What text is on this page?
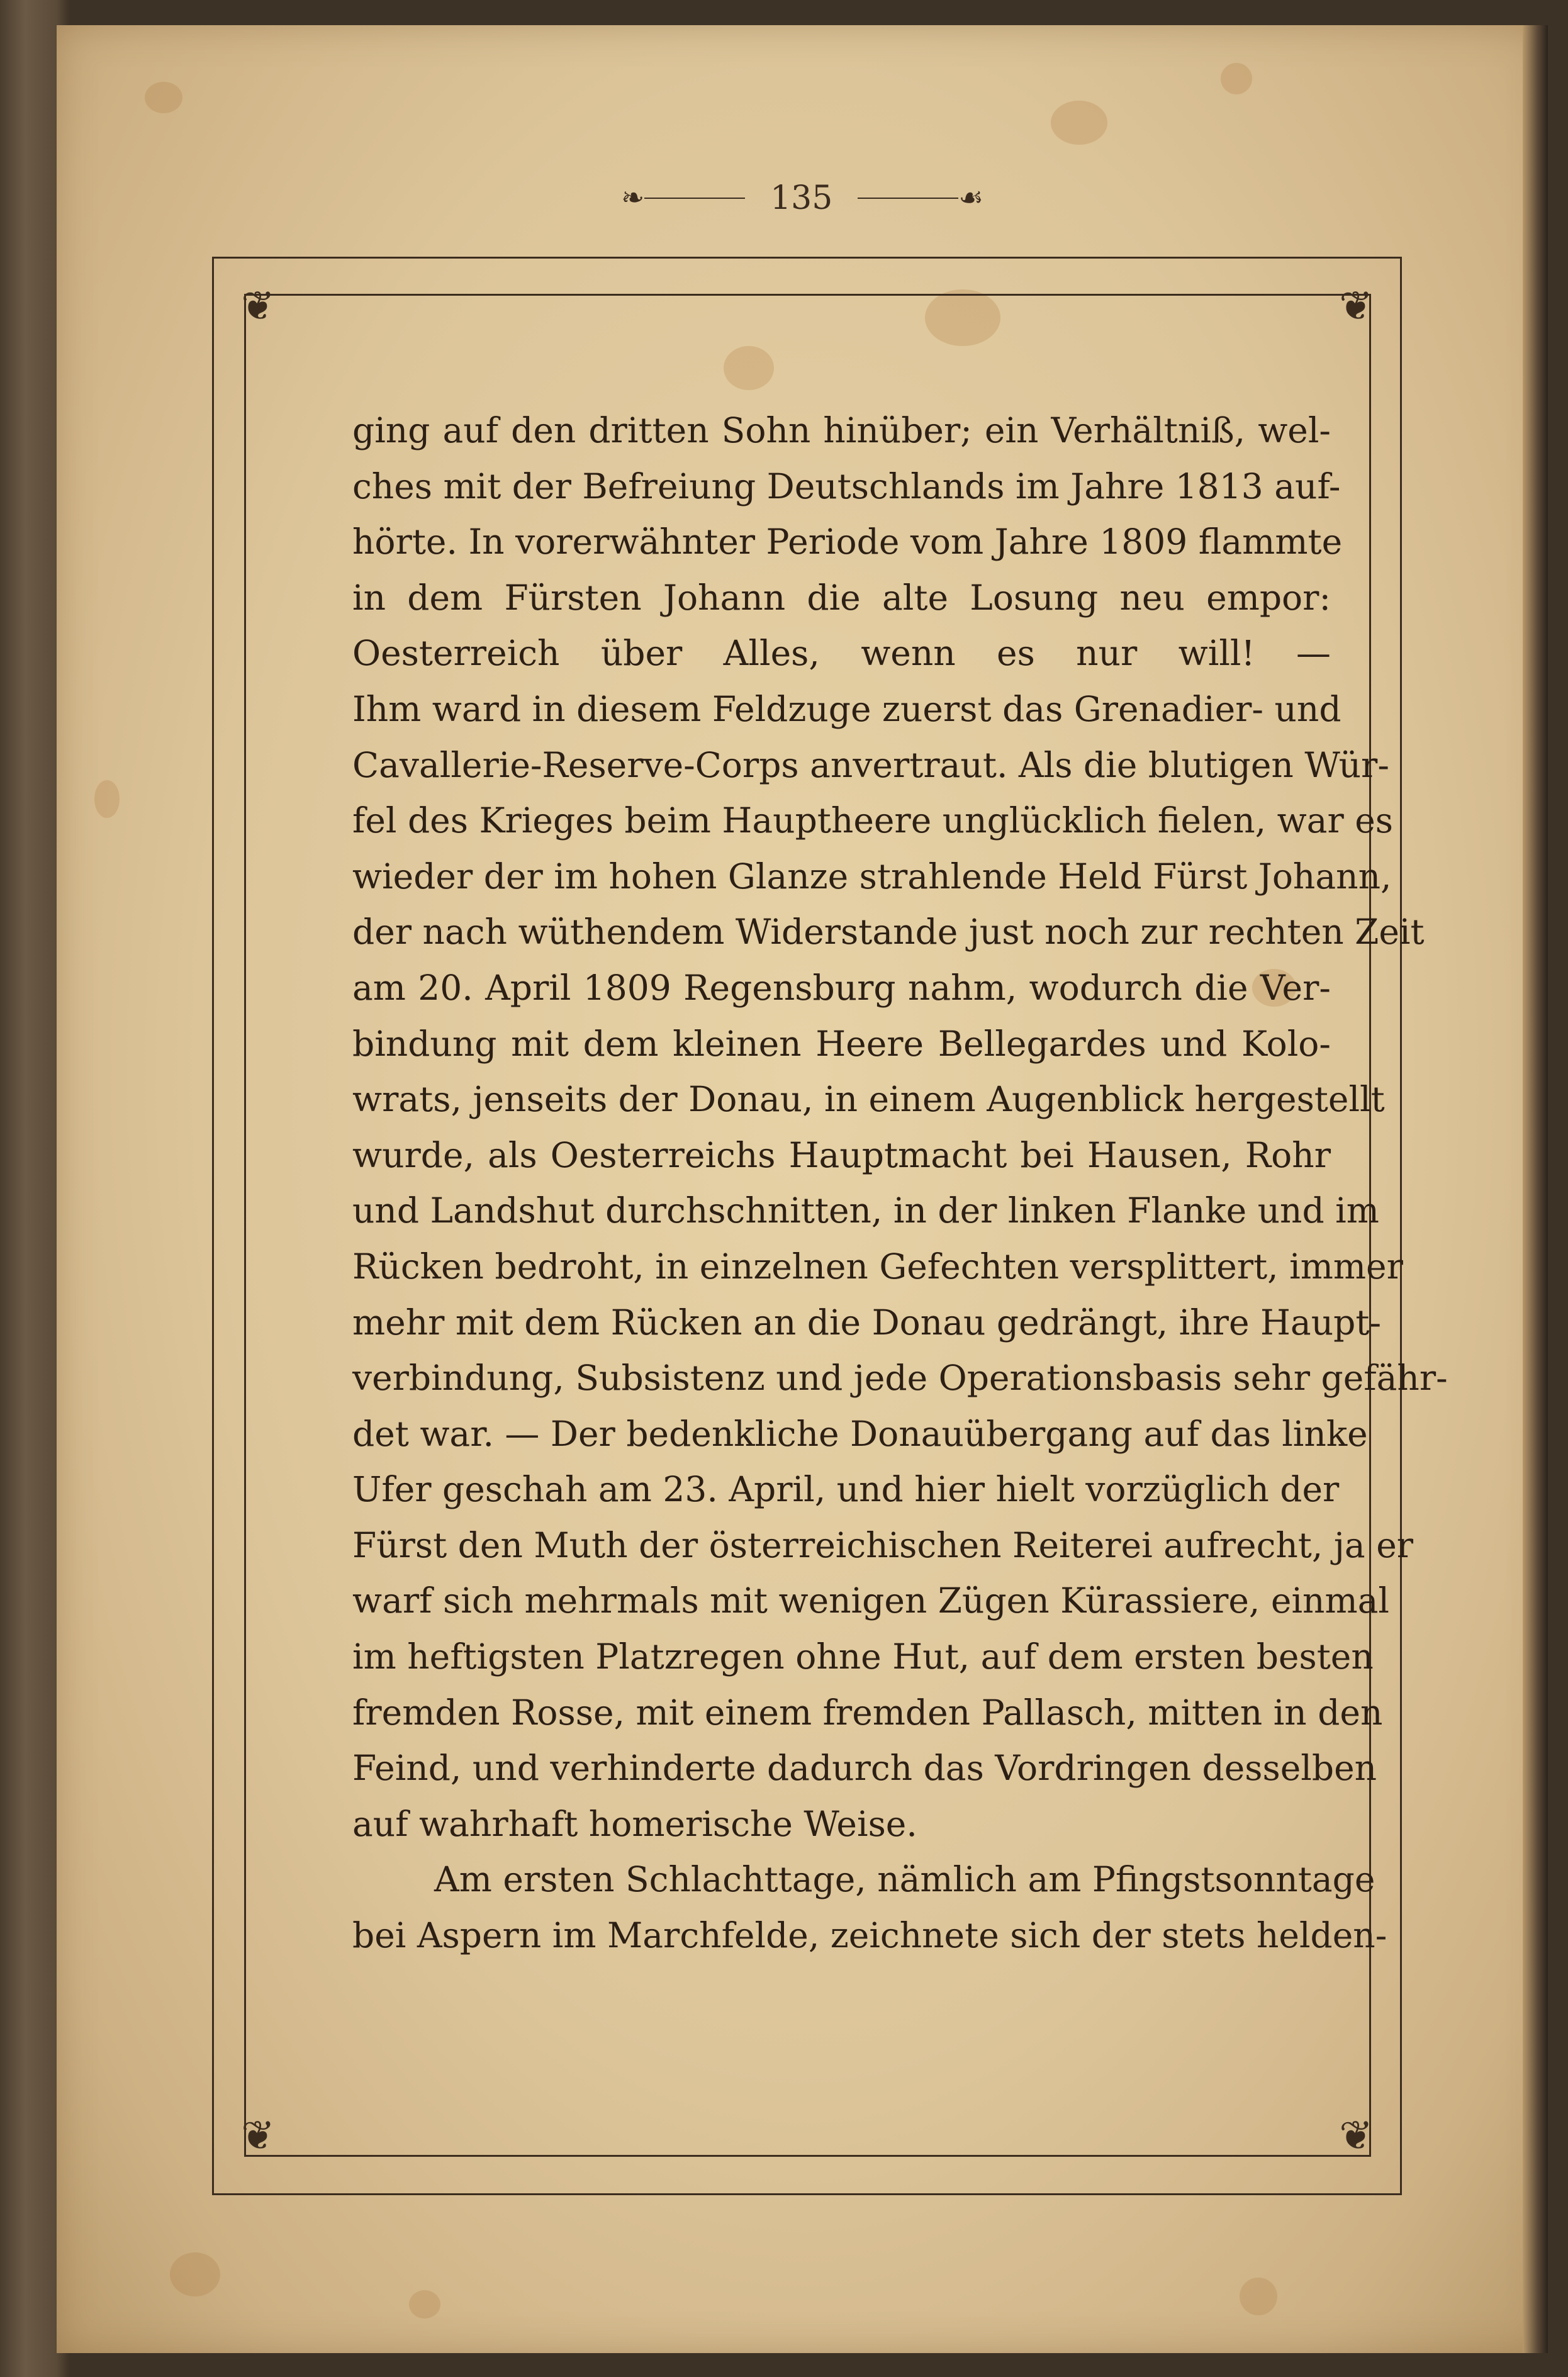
❧	135	☙
❦	❦
❦	❦
ging auf den dritten Sohn hinüber; ein Verhältniß, wel-
ches mit der Befreiung Deutschlands im Jahre 1813 auf-
hörte. In vorerwähnter Periode vom Jahre 1809 flammte
in dem Fürsten Johann die alte Losung neu empor:
Oesterreich über Alles, wenn es nur will! —
Ihm ward in diesem Feldzuge zuerst das Grenadier- und
Cavallerie-Reserve-Corps anvertraut. Als die blutigen Wür-
fel des Krieges beim Hauptheere unglücklich fielen, war es
wieder der im hohen Glanze strahlende Held Fürst Johann,
der nach wüthendem Widerstande just noch zur rechten Zeit
am 20. April 1809 Regensburg nahm, wodurch die Ver-
bindung mit dem kleinen Heere Bellegardes und Kolo-
wrats, jenseits der Donau, in einem Augenblick hergestellt
wurde, als Oesterreichs Hauptmacht bei Hausen, Rohr
und Landshut durchschnitten, in der linken Flanke und im
Rücken bedroht, in einzelnen Gefechten versplittert, immer
mehr mit dem Rücken an die Donau gedrängt, ihre Haupt-
verbindung, Subsistenz und jede Operationsbasis sehr gefähr-
det war. — Der bedenkliche Donauübergang auf das linke
Ufer geschah am 23. April, und hier hielt vorzüglich der
Fürst den Muth der österreichischen Reiterei aufrecht, ja er
warf sich mehrmals mit wenigen Zügen Kürassiere, einmal
im heftigsten Platzregen ohne Hut, auf dem ersten besten
fremden Rosse, mit einem fremden Pallasch, mitten in den
Feind, und verhinderte dadurch das Vordringen desselben
auf wahrhaft homerische Weise.
Am ersten Schlachttage, nämlich am Pfingstsonntage
bei Aspern im Marchfelde, zeichnete sich der stets helden-
